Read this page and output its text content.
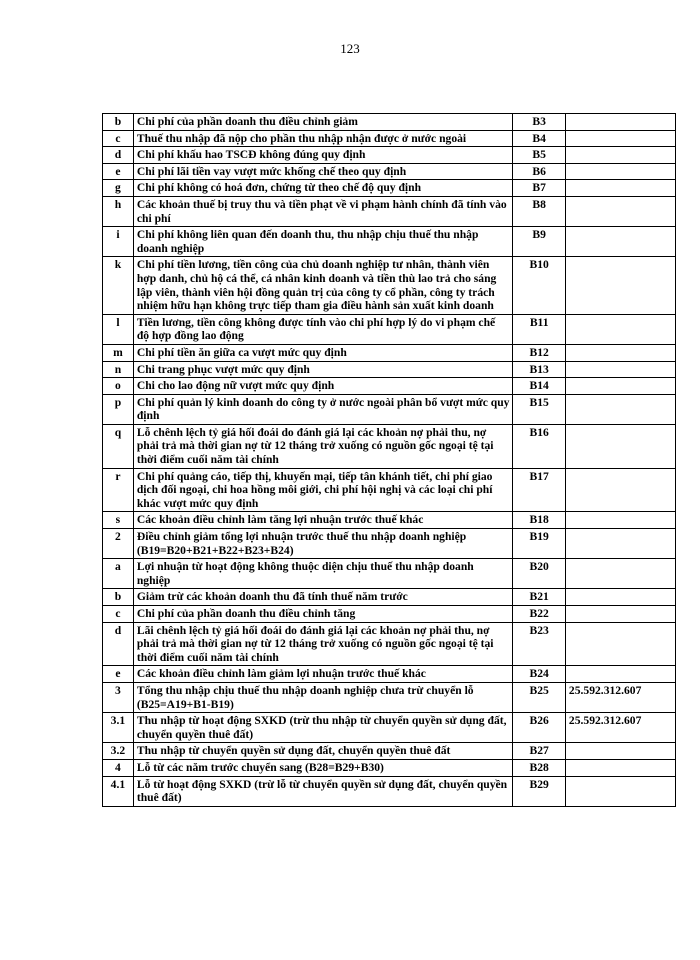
123
b	Chi phí của phần doanh thu điều chỉnh giảm	B3	
c	Thuế thu nhập đã nộp cho phần thu nhập nhận được ở nước ngoài	B4	
d	Chi phí khấu hao TSCĐ không đúng quy định	B5	
e	Chi phí lãi tiền vay vượt mức khống chế theo quy định	B6	
g	Chi phí không có hoá đơn, chứng từ theo chế độ quy định	B7	
h	Các khoản thuế bị truy thu và tiền phạt về vi phạm hành chính đã tính vào chi phí	B8	
i	Chi phí không liên quan đến doanh thu, thu nhập chịu thuế thu nhập doanh nghiệp	B9	
k	Chi phí tiền lương, tiền công của chủ doanh nghiệp tư nhân, thành viên hợp danh, chủ hộ cá thể, cá nhân kinh doanh và tiền thù lao trả cho sáng lập viên, thành viên hội đồng quản trị của công ty cổ phần, công ty trách nhiệm hữu hạn không trực tiếp tham gia điều hành sản xuất kinh doanh	B10	
l	Tiền lương, tiền công không được tính vào chi phí hợp lý do vi phạm chế độ hợp đồng lao động	B11	
m	Chi phí tiền ăn giữa ca vượt mức quy định	B12	
n	Chi trang phục vượt mức quy định	B13	
o	Chi cho lao động nữ vượt mức quy định	B14	
p	Chi phí quản lý kinh doanh do công ty ở nước ngoài phân bổ vượt mức quy định	B15	
q	Lỗ chênh lệch tỷ giá hối đoái do đánh giá lại các khoản nợ phải thu, nợ phải trả mà thời gian nợ từ 12 tháng trở xuống có nguồn gốc ngoại tệ tại thời điểm cuối năm tài chính	B16	
r	Chi phí quảng cáo, tiếp thị, khuyến mại, tiếp tân khánh tiết, chi phí giao dịch đối ngoại, chi hoa hồng môi giới, chi phí hội nghị và các loại chi phí khác vượt mức quy định	B17	
s	Các khoản điều chỉnh làm tăng lợi nhuận trước thuế khác	B18	
2	Điều chỉnh giảm tổng lợi nhuận trước thuế thu nhập doanh nghiệp (B19=B20+B21+B22+B23+B24)	B19	
a	Lợi nhuận từ hoạt động không thuộc diện chịu thuế thu nhập doanh nghiệp	B20	
b	Giảm trừ các khoản doanh thu đã tính thuế năm trước	B21	
c	Chi phí của phần doanh thu điều chỉnh tăng	B22	
d	Lãi chênh lệch tỷ giá hối đoái do đánh giá lại các khoản nợ phải thu, nợ phải trả mà thời gian nợ từ 12 tháng trở xuống có nguồn gốc ngoại tệ tại thời điểm cuối năm tài chính	B23	
e	Các khoản điều chỉnh làm giảm lợi nhuận trước thuế khác	B24	
3	Tổng thu nhập chịu thuế thu nhập doanh nghiệp chưa trừ chuyển lỗ (B25=A19+B1-B19)	B25	25.592.312.607
3.1	Thu nhập từ hoạt động SXKD (trừ thu nhập từ chuyển quyền sử dụng đất, chuyển quyền thuê đất)	B26	25.592.312.607
3.2	Thu nhập từ chuyển quyền sử dụng đất, chuyển quyền thuê đất	B27	
4	Lỗ từ các năm trước chuyển sang (B28=B29+B30)	B28	
4.1	Lỗ từ hoạt động SXKD (trừ lỗ từ chuyển quyền sử dụng đất, chuyển quyền thuê đất)	B29	
